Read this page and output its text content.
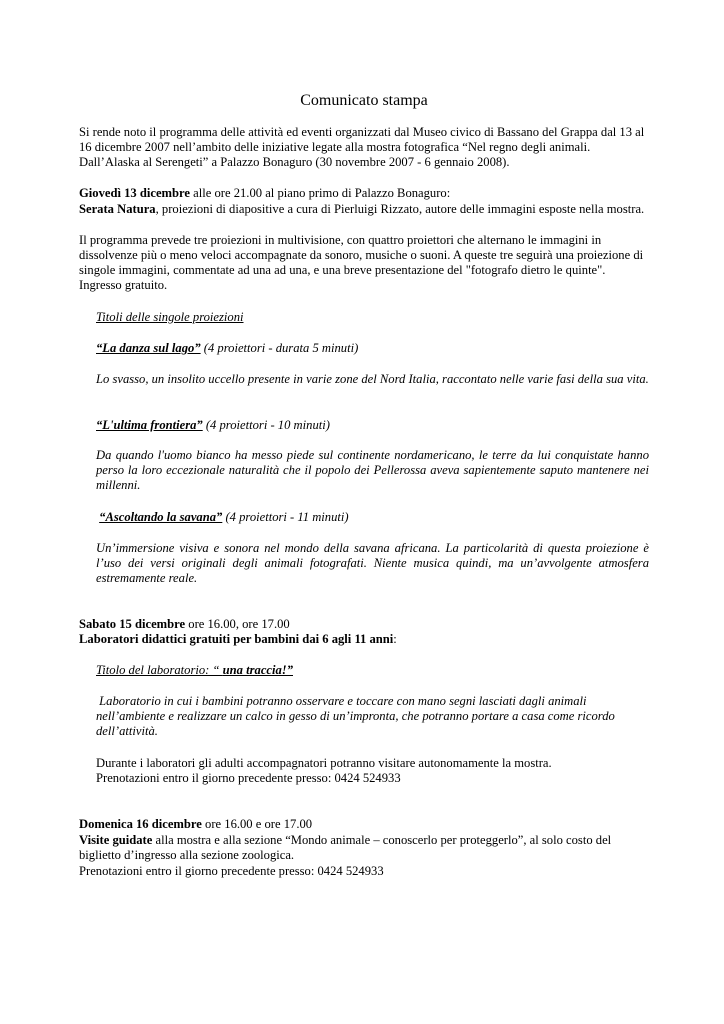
Comunicato stampa

Si rende noto il programma delle attività ed eventi organizzati dal Museo civico di Bassano del Grappa dal 13 al 16 dicembre 2007 nell’ambito delle iniziative legate alla mostra fotografica “Nel regno degli animali. Dall’Alaska al Serengeti” a Palazzo Bonaguro (30 novembre 2007 - 6 gennaio 2008).

Giovedì 13 dicembre alle ore 21.00 al piano primo di Palazzo Bonaguro:

Serata Natura, proiezioni di diapositive a cura di Pierluigi Rizzato, autore delle immagini esposte nella mostra.

Il programma prevede tre proiezioni in multivisione, con quattro proiettori che alternano le immagini in dissolvenze più o meno veloci accompagnate da sonoro, musiche o suoni. A queste tre seguirà una proiezione di singole immagini, commentate ad una ad una, e una breve presentazione del "fotografo dietro le quinte". Ingresso gratuito.

Titoli delle singole proiezioni

“La danza sul lago” (4 proiettori - durata 5 minuti)

Lo svasso, un insolito uccello presente in varie zone del Nord Italia, raccontato nelle varie fasi della sua vita.

“L'ultima frontiera” (4 proiettori - 10 minuti)

Da quando l'uomo bianco ha messo piede sul continente nordamericano, le terre da lui conquistate hanno perso la loro eccezionale naturalità che il popolo dei Pellerossa aveva sapientemente saputo mantenere nei millenni.

“Ascoltando la savana” (4 proiettori - 11 minuti)

Un’immersione visiva e sonora nel mondo della savana africana. La particolarità di questa proiezione è l’uso dei versi originali degli animali fotografati. Niente musica quindi, ma un’avvolgente atmosfera estremamente reale.

Sabato 15 dicembre ore 16.00, ore 17.00

Laboratori didattici gratuiti per bambini dai 6 agli 11 anni:

Titolo del laboratorio: “ una traccia!”

Laboratorio in cui i bambini potranno osservare e toccare con mano segni lasciati dagli animali nell’ambiente e realizzare un calco in gesso di un’impronta, che potranno portare a casa come ricordo dell’attività.

Durante i laboratori gli adulti accompagnatori potranno visitare autonomamente la mostra.

Prenotazioni entro il giorno precedente presso: 0424 524933

Domenica 16 dicembre ore 16.00 e ore 17.00

Visite guidate alla mostra e alla sezione “Mondo animale – conoscerlo per proteggerlo”, al solo costo del biglietto d’ingresso alla sezione zoologica.

Prenotazioni entro il giorno precedente presso: 0424 524933
